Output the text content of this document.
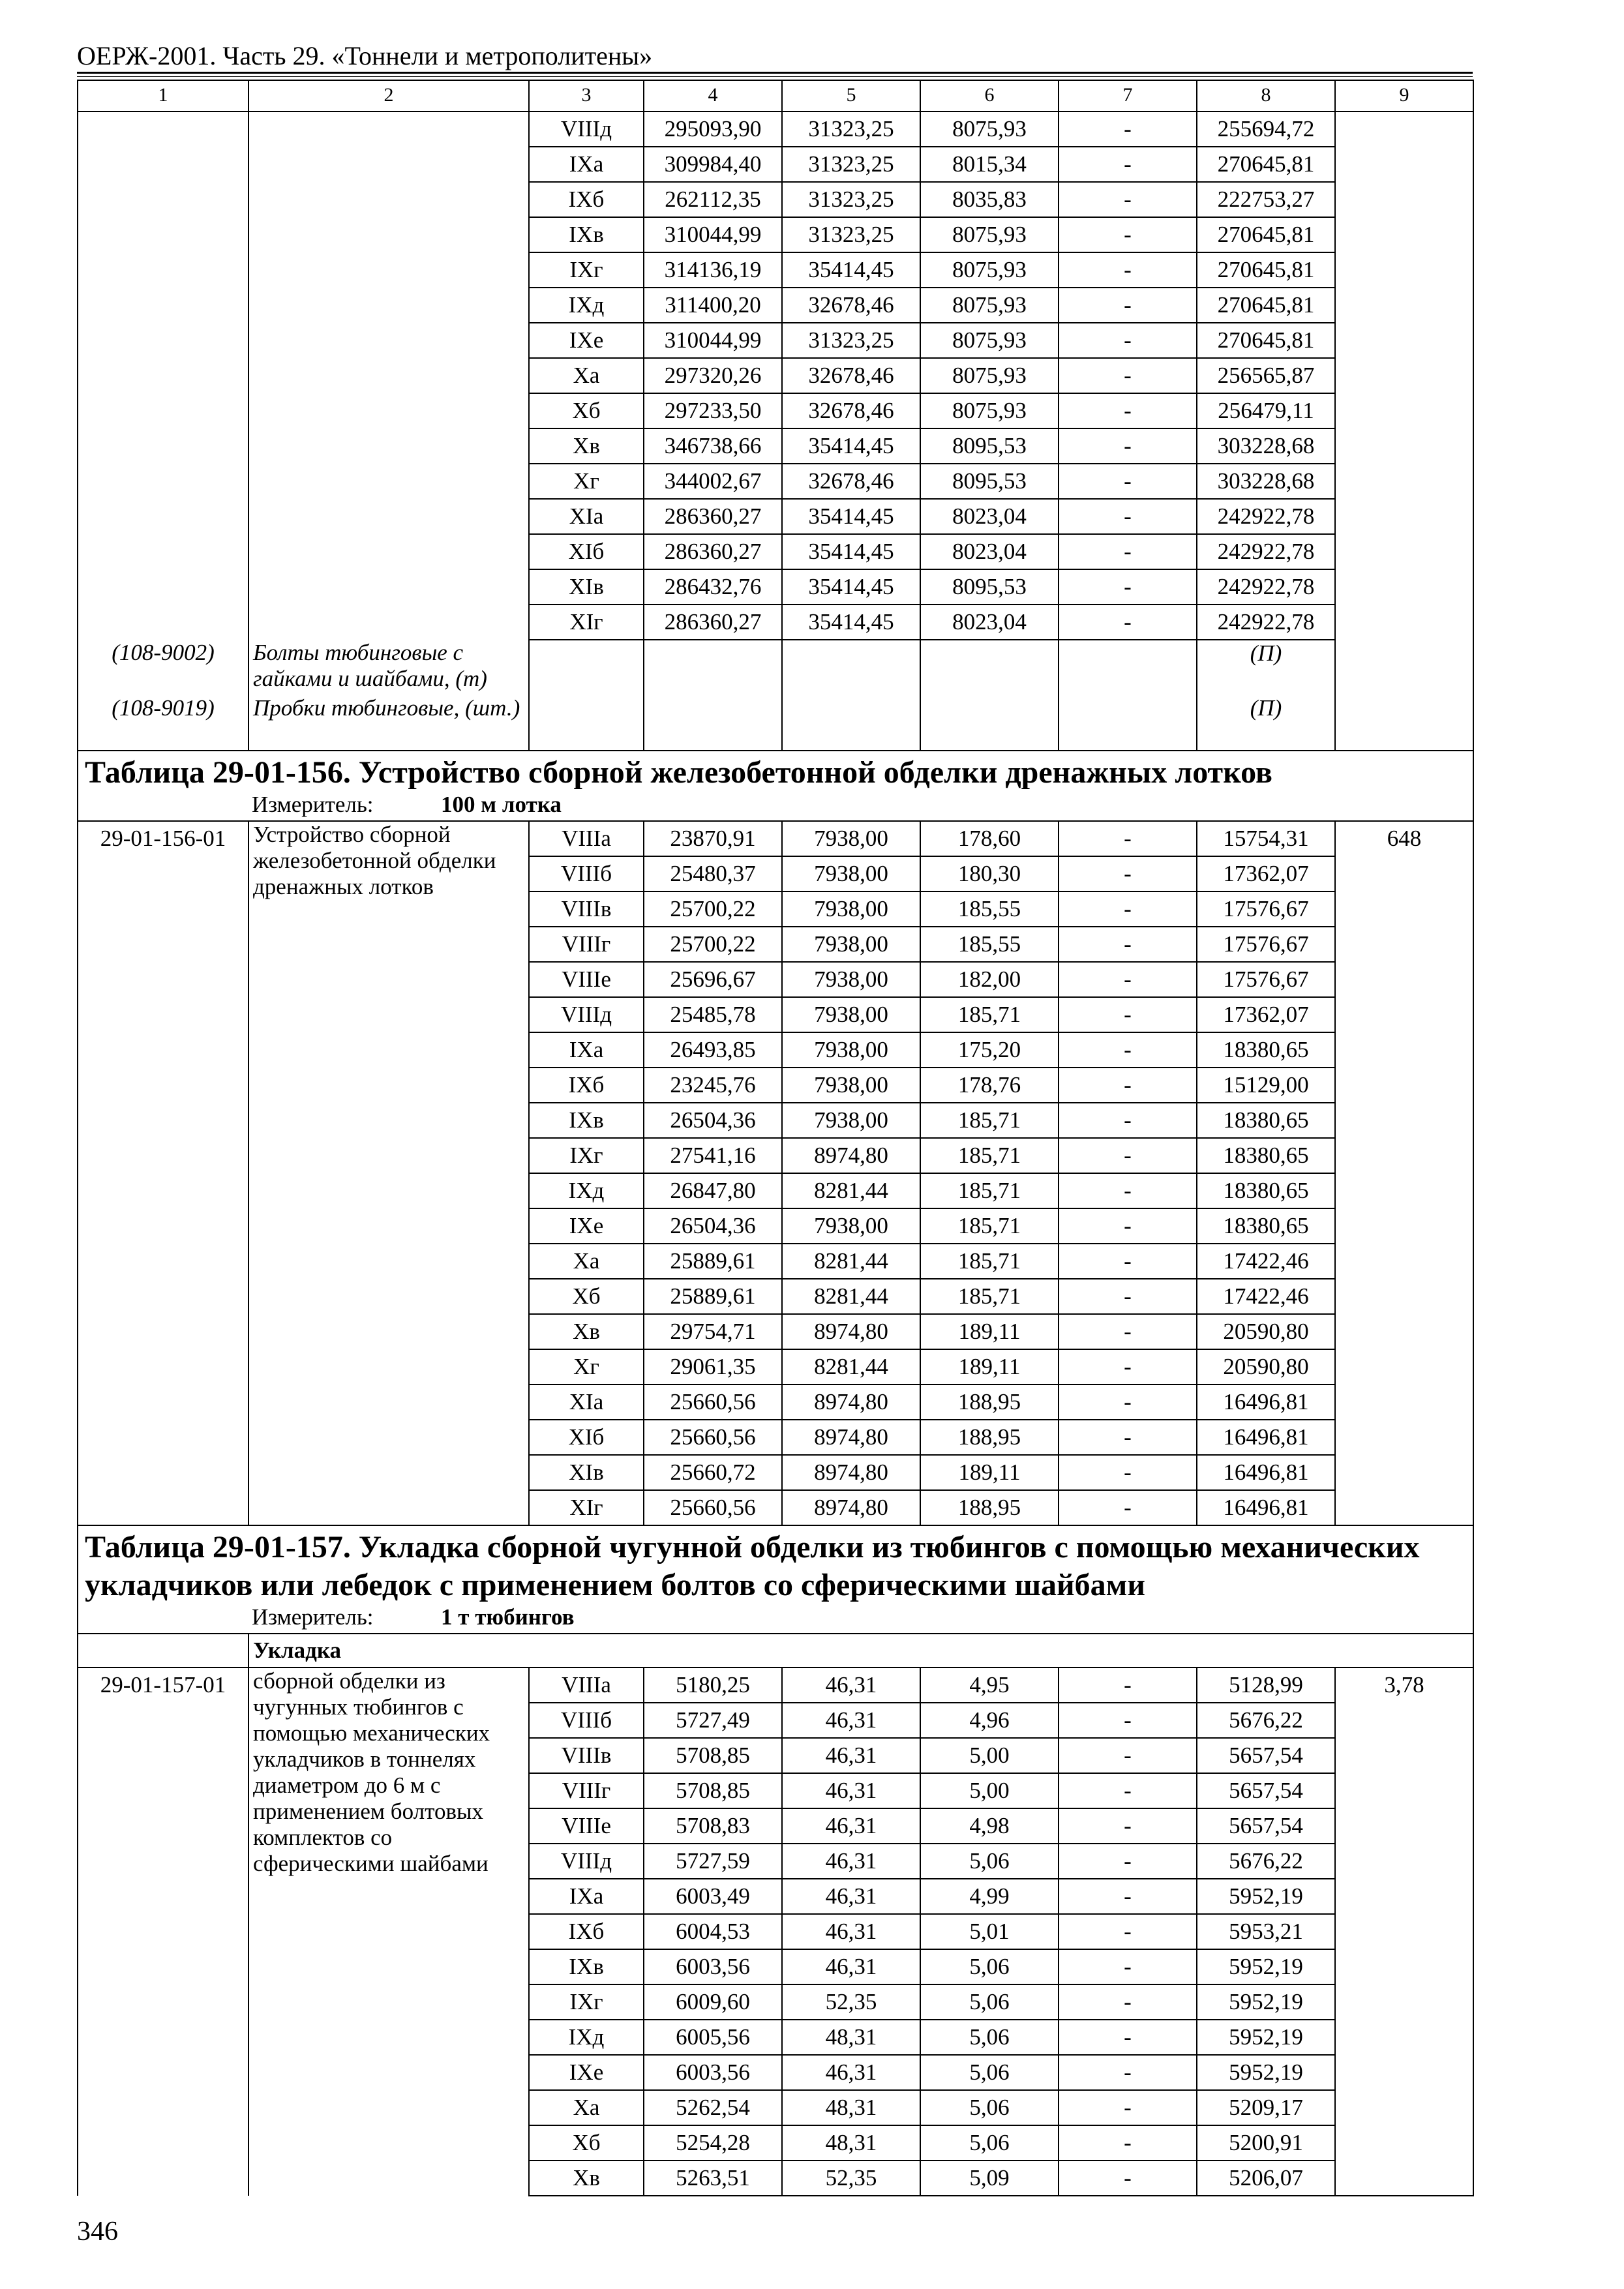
ОЕРЖ-2001. Часть 29. «Тоннели и метрополитены»
1	2	3	4	5	6	7	8	9
		VIIIд	295093,90	31323,25	8075,93	-	255694,72	
		IXa	309984,40	31323,25	8015,34	-	270645,81	
		IXб	262112,35	31323,25	8035,83	-	222753,27	
		IXв	310044,99	31323,25	8075,93	-	270645,81	
		IXг	314136,19	35414,45	8075,93	-	270645,81	
		IXд	311400,20	32678,46	8075,93	-	270645,81	
		IXе	310044,99	31323,25	8075,93	-	270645,81	
		Xa	297320,26	32678,46	8075,93	-	256565,87	
		Xб	297233,50	32678,46	8075,93	-	256479,11	
		Xв	346738,66	35414,45	8095,53	-	303228,68	
		Xг	344002,67	32678,46	8095,53	-	303228,68	
		XIa	286360,27	35414,45	8023,04	-	242922,78	
		XIб	286360,27	35414,45	8023,04	-	242922,78	
		XIв	286432,76	35414,45	8095,53	-	242922,78	
		XIг	286360,27	35414,45	8023,04	-	242922,78	
(108-9002)	Болты тюбинговые с гайками и шайбами, (т)						(П)	
(108-9019)	Пробки тюбинговые, (шт.)						(П)	

Таблица 29-01-156. Устройство сборной железобетонной обделки дренажных лотков
Измеритель: 100 м лотка								

29-01-156-01	Устройство сборной железобетонной обделки дренажных лотков	VIIIa	23870,91	7938,00	178,60	-	15754,31	648
		VIIIб	25480,37	7938,00	180,30	-	17362,07	
		VIIIв	25700,22	7938,00	185,55	-	17576,67	
		VIIIг	25700,22	7938,00	185,55	-	17576,67	
		VIIIе	25696,67	7938,00	182,00	-	17576,67	
		VIIIд	25485,78	7938,00	185,71	-	17362,07	
		IXa	26493,85	7938,00	175,20	-	18380,65	
		IXб	23245,76	7938,00	178,76	-	15129,00	
		IXв	26504,36	7938,00	185,71	-	18380,65	
		IXг	27541,16	8974,80	185,71	-	18380,65	
		IXд	26847,80	8281,44	185,71	-	18380,65	
		IXе	26504,36	7938,00	185,71	-	18380,65	
		Xa	25889,61	8281,44	185,71	-	17422,46	
		Xб	25889,61	8281,44	185,71	-	17422,46	
		Xв	29754,71	8974,80	189,11	-	20590,80	
		Xг	29061,35	8281,44	189,11	-	20590,80	
		XIa	25660,56	8974,80	188,95	-	16496,81	
		XIб	25660,56	8974,80	188,95	-	16496,81	
		XIв	25660,72	8974,80	189,11	-	16496,81	
		XIг	25660,56	8974,80	188,95	-	16496,81	

Таблица 29-01-157. Укладка сборной чугунной обделки из тюбингов с помощью механических укладчиков или лебедок с применением болтов со сферическими шайбами
Измеритель: 1 т тюбингов								

	Укладка							
29-01-157-01	сборной обделки из чугунных тюбингов с помощью механических укладчиков в тоннелях диаметром до 6 м с применением болтовых комплектов со сферическими шайбами	VIIIa	5180,25	46,31	4,95	-	5128,99	3,78
		VIIIб	5727,49	46,31	4,96	-	5676,22	
		VIIIв	5708,85	46,31	5,00	-	5657,54	
		VIIIг	5708,85	46,31	5,00	-	5657,54	
		VIIIе	5708,83	46,31	4,98	-	5657,54	
		VIIIд	5727,59	46,31	5,06	-	5676,22	
		IXa	6003,49	46,31	4,99	-	5952,19	
		IXб	6004,53	46,31	5,01	-	5953,21	
		IXв	6003,56	46,31	5,06	-	5952,19	
		IXг	6009,60	52,35	5,06	-	5952,19	
		IXд	6005,56	48,31	5,06	-	5952,19	
		IXе	6003,56	46,31	5,06	-	5952,19	
		Xa	5262,54	48,31	5,06	-	5209,17	
		Xб	5254,28	48,31	5,06	-	5200,91	
		Xв	5263,51	52,35	5,09	-	5206,07	
346
